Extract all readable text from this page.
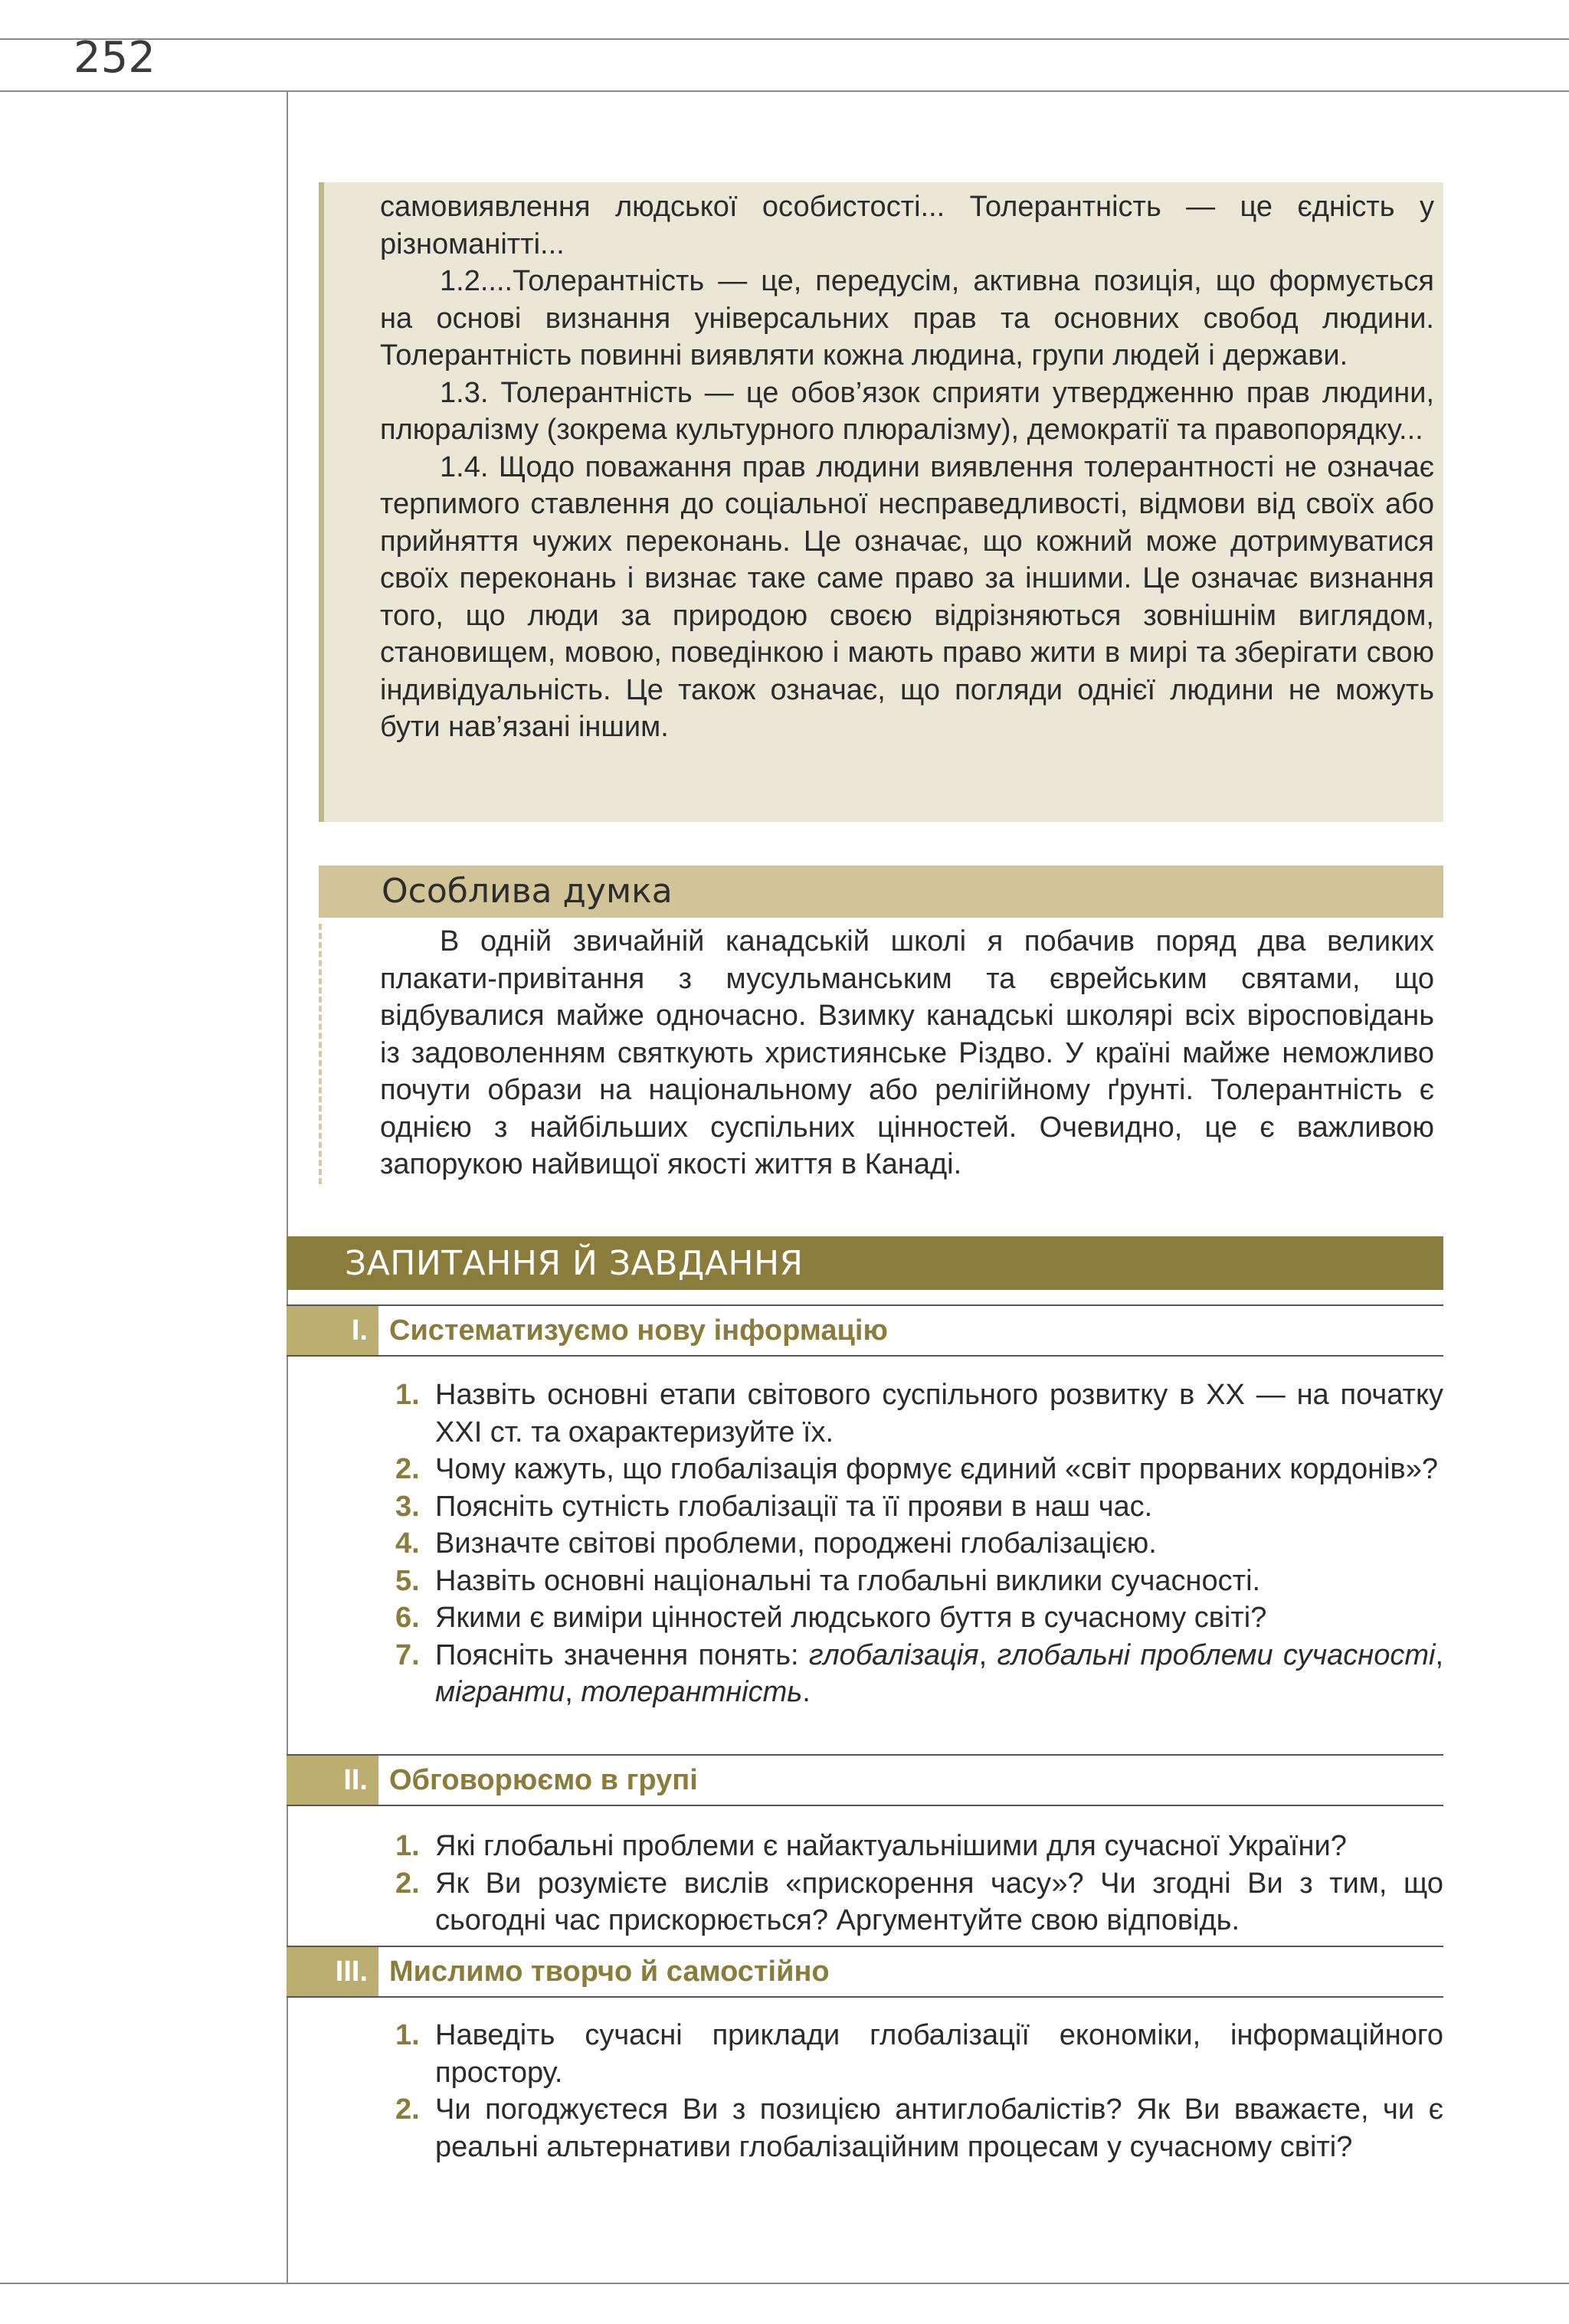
252

самовиявлення людської особистості... Толерантність — це єдність у різноманітті...

1.2....Толерантність — це, передусім, активна позиція, що формується на основі визнання універсальних прав та основних свобод людини. Толерантність повинні виявляти кожна людина, групи людей і держави.

1.3. Толерантність — це обов’язок сприяти утвердженню прав людини, плюралізму (зокрема культурного плюралізму), демократії та правопорядку...

1.4. Щодо поважання прав людини виявлення толерантності не означає терпимого ставлення до соціальної несправедливості, відмови від своїх або прийняття чужих переконань. Це означає, що кожний може дотримуватися своїх переконань і визнає таке саме право за іншими. Це означає визнання того, що люди за природою своєю відрізняються зовнішнім виглядом, становищем, мовою, поведінкою і мають право жити в мирі та зберігати свою індивідуальність. Це також означає, що погляди однієї людини не можуть бути нав’язані іншим.

Особлива думка

В одній звичайній канадській школі я побачив поряд два великих плакати-привітання з мусульманським та єврейським святами, що відбувалися майже одночасно. Взимку канадські школярі всіх віросповідань із задоволенням святкують християнське Різдво. У країні майже неможливо почути образи на національному або релігійному ґрунті. Толерантність є однією з найбільших суспільних цінностей. Очевидно, це є важливою запорукою найвищої якості життя в Канаді.

ЗАПИТАННЯ Й ЗАВДАННЯ
I. Систематизуємо нову інформацію
1. Назвіть основні етапи світового суспільного розвитку в ХХ — на початку ХХІ ст. та охарактеризуйте їх.
2. Чому кажуть, що глобалізація формує єдиний «світ прорваних кордонів»?
3. Поясніть сутність глобалізації та її прояви в наш час.
4. Визначте світові проблеми, породжені глобалізацією.
5. Назвіть основні національні та глобальні виклики сучасності.
6. Якими є виміри цінностей людського буття в сучасному світі?
7. Поясніть значення понять: глобалізація, глобальні проблеми сучасності, мігранти, толерантність.
II. Обговорюємо в групі
1. Які глобальні проблеми є найактуальнішими для сучасної України?
2. Як Ви розумієте вислів «прискорення часу»? Чи згодні Ви з тим, що сьогодні час прискорюється? Аргументуйте свою відповідь.
III. Мислимо творчо й самостійно
1. Наведіть сучасні приклади глобалізації економіки, інформаційного простору.
2. Чи погоджуєтеся Ви з позицією антиглобалістів? Як Ви вважаєте, чи є реальні альтернативи глобалізаційним процесам у сучасному світі?
